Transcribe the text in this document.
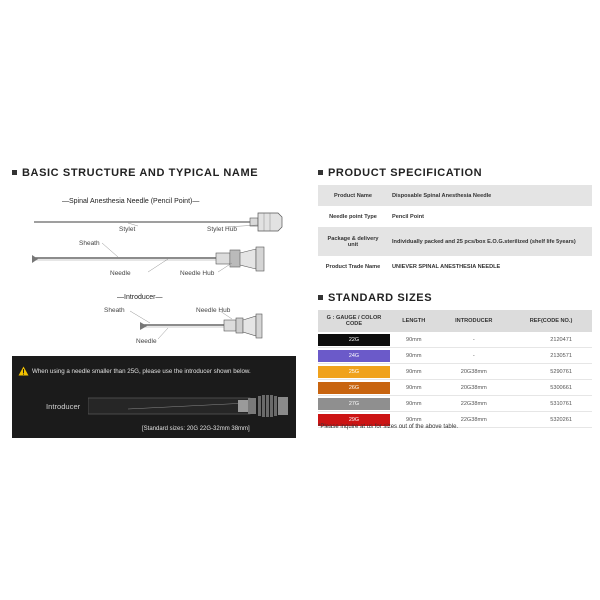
BASIC STRUCTURE AND TYPICAL NAME
—Spinal Anesthesia Needle (Pencil Point)—
Stylet	Stylet Hub
Sheath
Needle	Needle Hub
—Introducer—
Sheath	Needle Hub
Needle
When using a needle smaller than 25G, please use the introducer shown below.
Introducer
[Standard sizes: 20G 22G-32mm 38mm]
PRODUCT SPECIFICATION
Product Name	Disposable Spinal Anesthesia Needle
Needle point Type	Pencil Point
Package & delivery unit	Individually packed and 25 pcs/box E.O.G.sterilized (shelf life 5years)
Product Trade Name	UNIEVER SPINAL ANESTHESIA NEEDLE
STANDARD SIZES
G : GAUGE / COLOR CODE	LENGTH	INTRODUCER	REF(CODE NO.)

22G	90mm	-	2120471

24G	90mm	-	2130571

25G	90mm	20G38mm	5290761

26G	90mm	20G38mm	5300661

27G	90mm	22G38mm	5310761

29G	90mm	22G38mm	5320261
*Please inquire at us for sizes out of the above table.
